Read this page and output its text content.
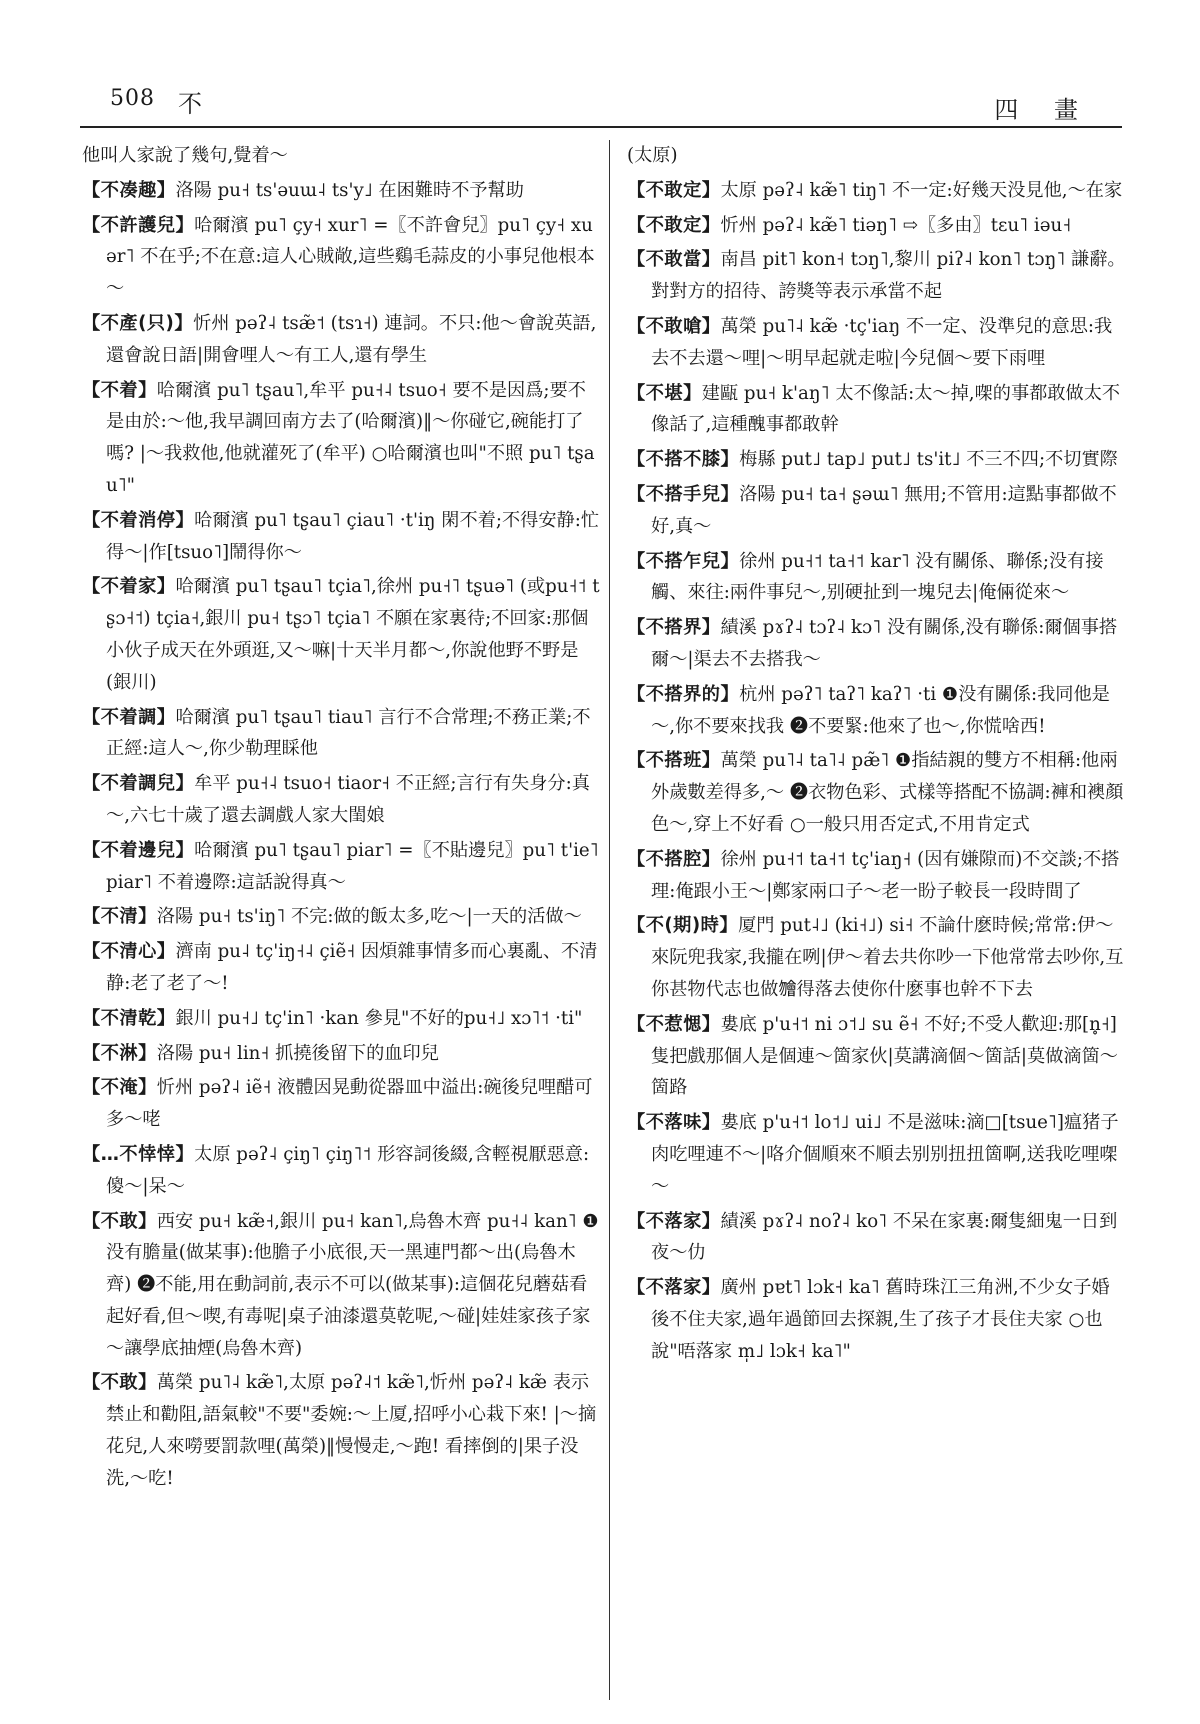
508 不	四 畫

他叫人家說了幾句,覺着～

【不凑趣】洛陽 pu˧ ts'əuɯ˨ ts'y˩ 在困難時不予幫助

【不許護兒】哈爾濱 pu˥ çy˧ xur˥ =〖不許會兒〗pu˥ çy˧ xuər˥ 不在乎;不在意:這人心賊敞,這些鷄毛蒜皮的小事兒他根本～

【不產(只)】忻州 pəʔ˨ tsæ̃˦ (tsɿ˧) 連詞。不只:他～會說英語,還會說日語|開會哩人～有工人,還有學生

【不着】哈爾濱 pu˥ tʂau˥,牟平 pu˧˨ tsuo˧ 要不是因爲;要不是由於:～他,我早調回南方去了(哈爾濱)‖～你碰它,碗能打了嗎? |～我救他,他就灌死了(牟平) ○哈爾濱也叫"不照 pu˥ tʂau˥"

【不着消停】哈爾濱 pu˥ tʂau˥ çiau˥ ·t'iŋ 閑不着;不得安静:忙得～|作[tsuo˥]鬧得你～

【不着家】哈爾濱 pu˥ tʂau˥ tçia˥,徐州 pu˧˥ tʂuə˥ (或pu˧˦ tʂɔ˧˦) tçia˧,銀川 pu˧ tʂɔ˥ tçia˥ 不願在家裏待;不回家:那個小伙子成天在外頭逛,又～嘛|十天半月都～,你說他野不野是(銀川)

【不着調】哈爾濱 pu˥ tʂau˥ tiau˥ 言行不合常理;不務正業;不正經:這人～,你少勒理睬他

【不着調兒】牟平 pu˧˨ tsuo˧ tiaor˧ 不正經;言行有失身分:真～,六七十歲了還去調戲人家大閨娘

【不着邊兒】哈爾濱 pu˥ tʂau˥ piar˥ =〖不貼邊兒〗pu˥ t'ie˥ piar˥ 不着邊際:這話說得真～

【不清】洛陽 pu˧ ts'iŋ˥ 不完:做的飯太多,吃～|一天的活做～

【不清心】濟南 pu˨ tç'iŋ˧˨ çiẽ˧ 因煩雜事情多而心裏亂、不清静:老了老了～!

【不清乾】銀川 pu˧˩ tç'in˥ ·kan 參見"不好的pu˧˩ xɔ˥˦ ·ti"

【不淋】洛陽 pu˧ lin˧ 抓撓後留下的血印兒

【不淹】忻州 pəʔ˨ iẽ˧ 液體因晃動從器皿中溢出:碗後兒哩醋可多～咾

【…不悻悻】太原 pəʔ˨ çiŋ˥ çiŋ˥˦ 形容詞後綴,含輕視厭惡意:傻～|呆～

【不敢】西安 pu˧ kæ̃˧,銀川 pu˧ kan˥,烏魯木齊 pu˧˨ kan˥ ❶没有膽量(做某事):他膽子小底很,天一黑連門都～出(烏魯木齊) ❷不能,用在動詞前,表示不可以(做某事):這個花兒蘑菇看起好看,但～喫,有毒呢|桌子油漆還莫乾呢,～碰|娃娃家孩子家～讓學底抽煙(烏魯木齊)

【不敢】萬榮 pu˥˨ kæ̃˥,太原 pəʔ˨˦ kæ̃˥,忻州 pəʔ˨ kæ̃ 表示禁止和勸阻,語氣較"不要"委婉:～上厦,招呼小心栽下來! |～摘花兒,人來嘮要罰款哩(萬榮)‖慢慢走,～跑! 看摔倒的|果子没洗,～吃!

(太原)

【不敢定】太原 pəʔ˨ kæ̃˥ tiŋ˥ 不一定:好幾天没見他,～在家

【不敢定】忻州 pəʔ˨ kæ̃˥ tiəŋ˥ ⇨〖多由〗tɛu˥ iəu˧

【不敢當】南昌 pit˥ kon˧ tɔŋ˥,黎川 piʔ˨ kon˥ tɔŋ˥ 謙辭。對對方的招待、誇獎等表示承當不起

【不敢嗆】萬榮 pu˥˨ kæ̃ ·tç'iaŋ 不一定、没準兒的意思:我去不去還～哩|～明早起就走啦|今兒個～要下雨哩

【不堪】建甌 pu˧ k'aŋ˥ 太不像話:太～掉,㗎的事都敢做太不像話了,這種醜事都敢幹

【不搭不膝】梅縣 put˩ tap˩ put˩ ts'it˩ 不三不四;不切實際

【不搭手兒】洛陽 pu˧ ta˧ ʂəɯ˥ 無用;不管用:這點事都做不好,真～

【不搭乍兒】徐州 pu˧˦ ta˧˦ kar˥ 没有關係、聯係;没有接觸、來往:兩件事兒～,别硬扯到一塊兒去|俺倆從來～

【不搭界】績溪 pɤʔ˨ tɔʔ˨ kɔ˥ 没有關係,没有聯係:爾個事搭爾～|渠去不去搭我～

【不搭界的】杭州 pəʔ˥ taʔ˥ kaʔ˥ ·ti ❶没有關係:我同他是～,你不要來找我 ❷不要緊:他來了也～,你慌啥西!

【不搭班】萬榮 pu˥˨ ta˥˨ pæ̃˥ ❶指結親的雙方不相稱:他兩外歲數差得多,～ ❷衣物色彩、式樣等搭配不協調:褲和襖顏色～,穿上不好看 ○一般只用否定式,不用肯定式

【不搭腔】徐州 pu˧˦ ta˧˦ tç'iaŋ˧ (因有嫌隙而)不交談;不搭理:俺跟小王～|鄭家兩口子～老一盼子較長一段時間了

【不(期)時】厦門 put˨˩ (ki˧˩) si˧ 不論什麽時候;常常:伊～來阮兜我家,我攏在咧|伊～着去共你吵一下他常常去吵你,互你甚物代志也做𣍐得落去使你什麽事也幹不下去

【不惹愢】婁底 p'u˧˦ ni ɔ˦˩ su ẽ˧ 不好;不受人歡迎:那[n̥˧]隻把戲那個人是個連～箇家伙|莫講滴個～箇話|莫做滴箇～箇路

【不落味】婁底 p'u˧˦ lo˦˩ ui˩ 不是滋味:滴□[tsue˥]瘟猪子肉吃哩連不～|咯介個順來不順去别别扭扭箇啊,送我吃哩㗎～

【不落家】績溪 pɤʔ˨ noʔ˨ ko˥ 不呆在家裏:爾隻細鬼一日到夜～仂

【不落家】廣州 pɐt˥ lɔk˧ ka˥ 舊時珠江三角洲,不少女子婚後不住夫家,過年過節回去探親,生了孩子才長住夫家 ○也說"唔落家 m̩˩ lɔk˧ ka˥"
